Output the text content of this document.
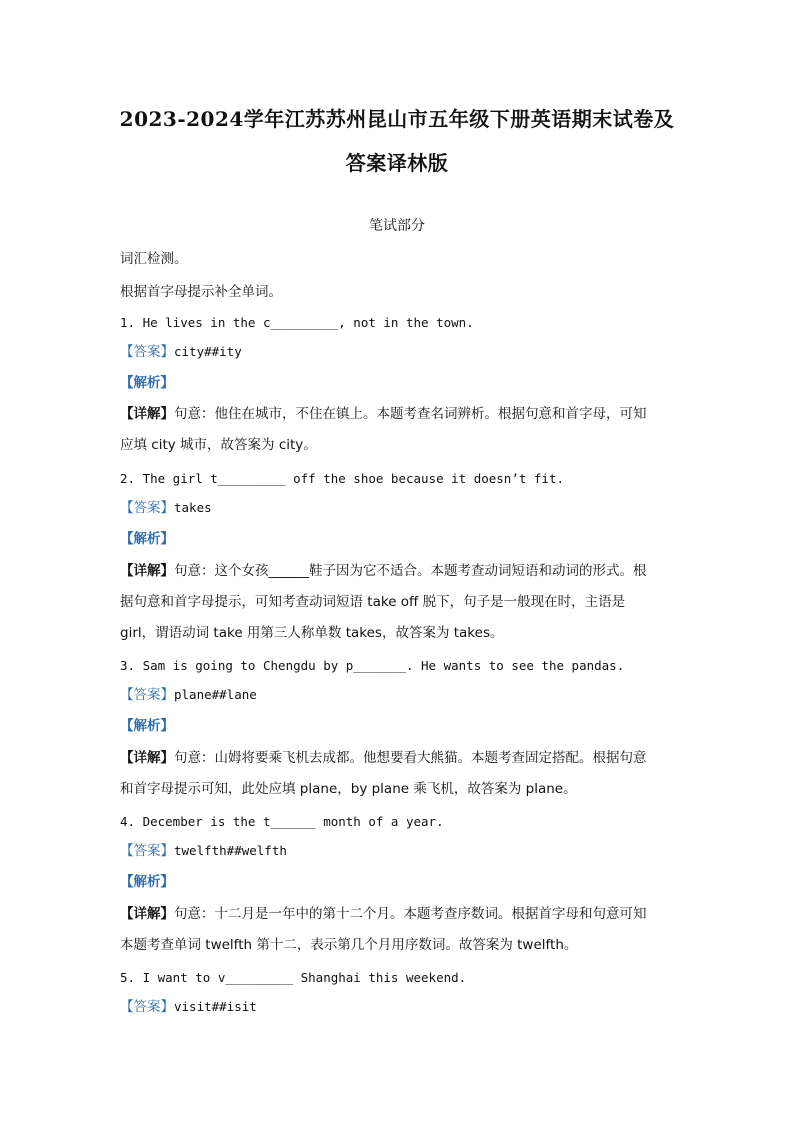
2023-2024学年江苏苏州昆山市五年级下册英语期末试卷及
答案译林版
笔试部分
词汇检测。
根据首字母提示补全单词。
1. He lives in the c_________, not in the town.
【答案】city##ity
【解析】
【详解】句意：他住在城市，不住在镇上。本题考查名词辨析。根据句意和首字母，可知
应填 city 城市，故答案为 city。
2. The girl t_________ off the shoe because it doesn’t fit.
【答案】takes
【解析】
【详解】句意：这个女孩______鞋子因为它不适合。本题考查动词短语和动词的形式。根
据句意和首字母提示，可知考查动词短语 take off 脱下，句子是一般现在时，主语是
girl，谓语动词 take 用第三人称单数 takes，故答案为 takes。
3. Sam is going to Chengdu by p_______. He wants to see the pandas.
【答案】plane##lane
【解析】
【详解】句意：山姆将要乘飞机去成都。他想要看大熊猫。本题考查固定搭配。根据句意
和首字母提示可知，此处应填 plane，by plane 乘飞机，故答案为 plane。
4. December is the t______ month of a year.
【答案】twelfth##welfth
【解析】
【详解】句意：十二月是一年中的第十二个月。本题考查序数词。根据首字母和句意可知
本题考查单词 twelfth 第十二，表示第几个月用序数词。故答案为 twelfth。
5. I want to v_________ Shanghai this weekend.
【答案】visit##isit
